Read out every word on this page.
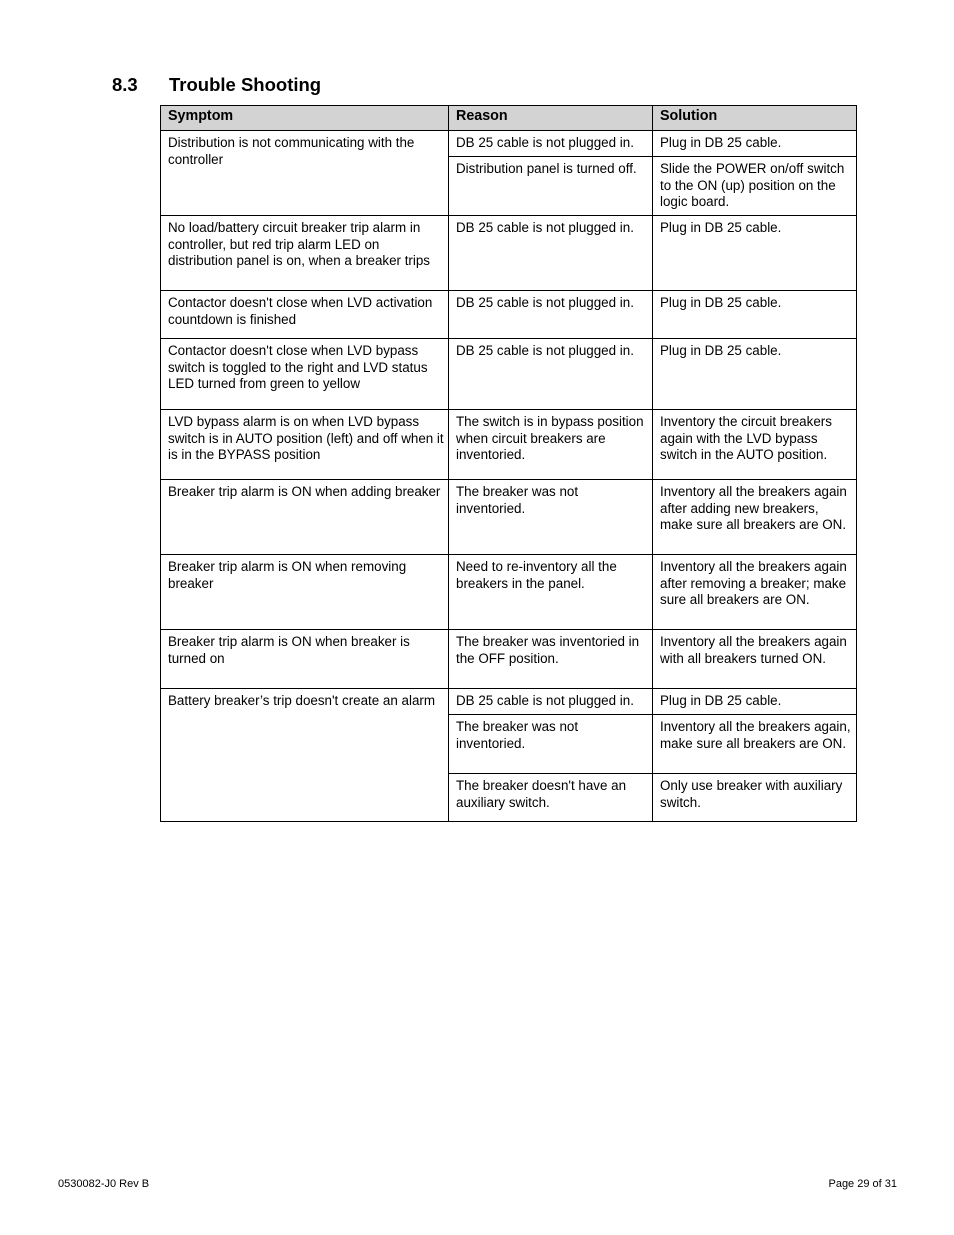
8.3 Trouble Shooting
Symptom	Reason	Solution
Distribution is not communicating with the controller	DB 25 cable is not plugged in.	Plug in DB 25 cable.
	Distribution panel is turned off.	Slide the POWER on/off switch to the ON (up) position on the logic board.
No load/battery circuit breaker trip alarm in controller, but red trip alarm LED on distribution panel is on, when a breaker trips	DB 25 cable is not plugged in.	Plug in DB 25 cable.
Contactor doesn't close when LVD activation countdown is finished	DB 25 cable is not plugged in.	Plug in DB 25 cable.
Contactor doesn't close when LVD bypass switch is toggled to the right and LVD status LED turned from green to yellow	DB 25 cable is not plugged in.	Plug in DB 25 cable.
LVD bypass alarm is on when LVD bypass switch is in AUTO position (left) and off when it is in the BYPASS position	The switch is in bypass position when circuit breakers are inventoried.	Inventory the circuit breakers again with the LVD bypass switch in the AUTO position.
Breaker trip alarm is ON when adding breaker	The breaker was not inventoried.	Inventory all the breakers again after adding new breakers, make sure all breakers are ON.
Breaker trip alarm is ON when removing breaker	Need to re-inventory all the breakers in the panel.	Inventory all the breakers again after removing a breaker; make sure all breakers are ON.
Breaker trip alarm is ON when breaker is turned on	The breaker was inventoried in the OFF position.	Inventory all the breakers again with all breakers turned ON.
Battery breaker’s trip doesn't create an alarm	DB 25 cable is not plugged in.	Plug in DB 25 cable.
	The breaker was not inventoried.	Inventory all the breakers again, make sure all breakers are ON.
	The breaker doesn't have an auxiliary switch.	Only use breaker with auxiliary switch.
0530082-J0 Rev B	Page 29 of 31
